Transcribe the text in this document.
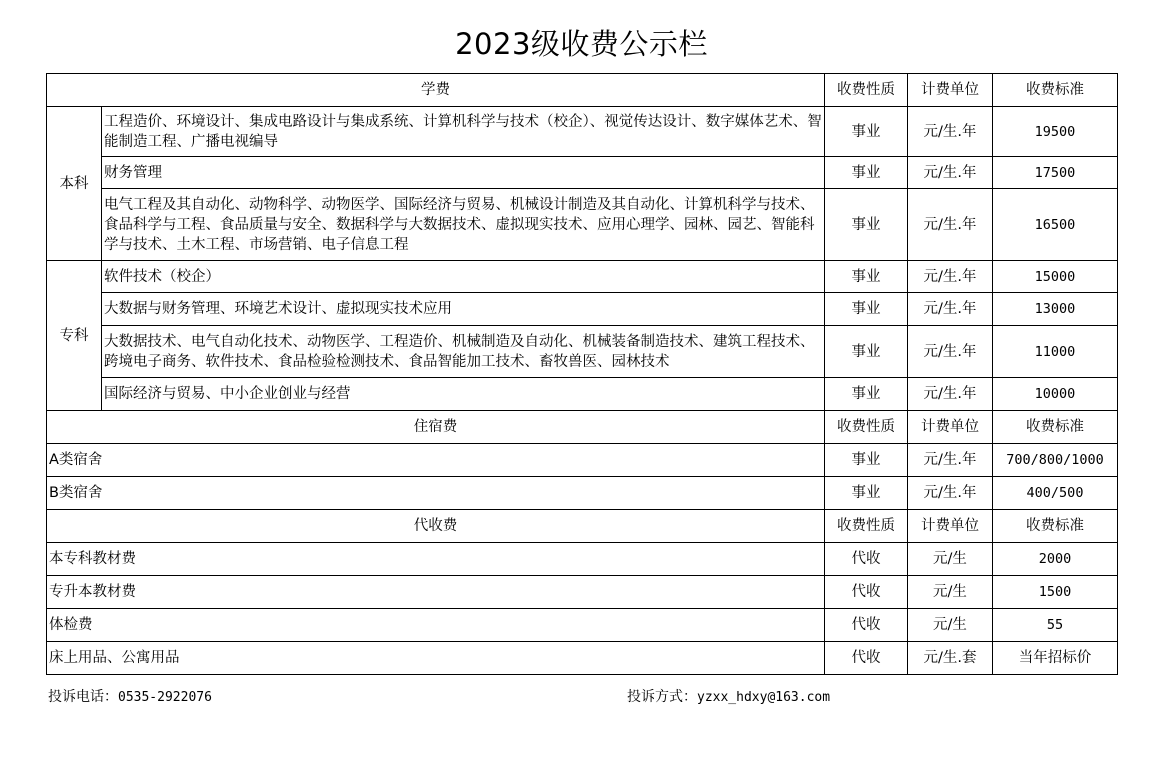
2023级收费公示栏
学费		收费性质	计费单位	收费标准
本科	工程造价、环境设计、集成电路设计与集成系统、计算机科学与技术（校企）、视觉传达设计、数字媒体艺术、智能制造工程、广播电视编导	事业	元/生.年	19500
	财务管理	事业	元/生.年	17500
	电气工程及其自动化、动物科学、动物医学、国际经济与贸易、机械设计制造及其自动化、计算机科学与技术、食品科学与工程、食品质量与安全、数据科学与大数据技术、虚拟现实技术、应用心理学、园林、园艺、智能科学与技术、土木工程、市场营销、电子信息工程	事业	元/生.年	16500
专科	软件技术（校企）	事业	元/生.年	15000
	大数据与财务管理、环境艺术设计、虚拟现实技术应用	事业	元/生.年	13000
	大数据技术、电气自动化技术、动物医学、工程造价、机械制造及自动化、机械装备制造技术、建筑工程技术、跨境电子商务、软件技术、食品检验检测技术、食品智能加工技术、畜牧兽医、园林技术	事业	元/生.年	11000
	国际经济与贸易、中小企业创业与经营	事业	元/生.年	10000
住宿费		收费性质	计费单位	收费标准
A类宿舍		事业	元/生.年	700/800/1000
B类宿舍		事业	元/生.年	400/500
代收费		收费性质	计费单位	收费标准
本专科教材费		代收	元/生	2000
专升本教材费		代收	元/生	1500
体检费		代收	元/生	55
床上用品、公寓用品		代收	元/生.套	当年招标价
投诉电话：0535-2922076	投诉方式：yzxx_hdxy@163.com
